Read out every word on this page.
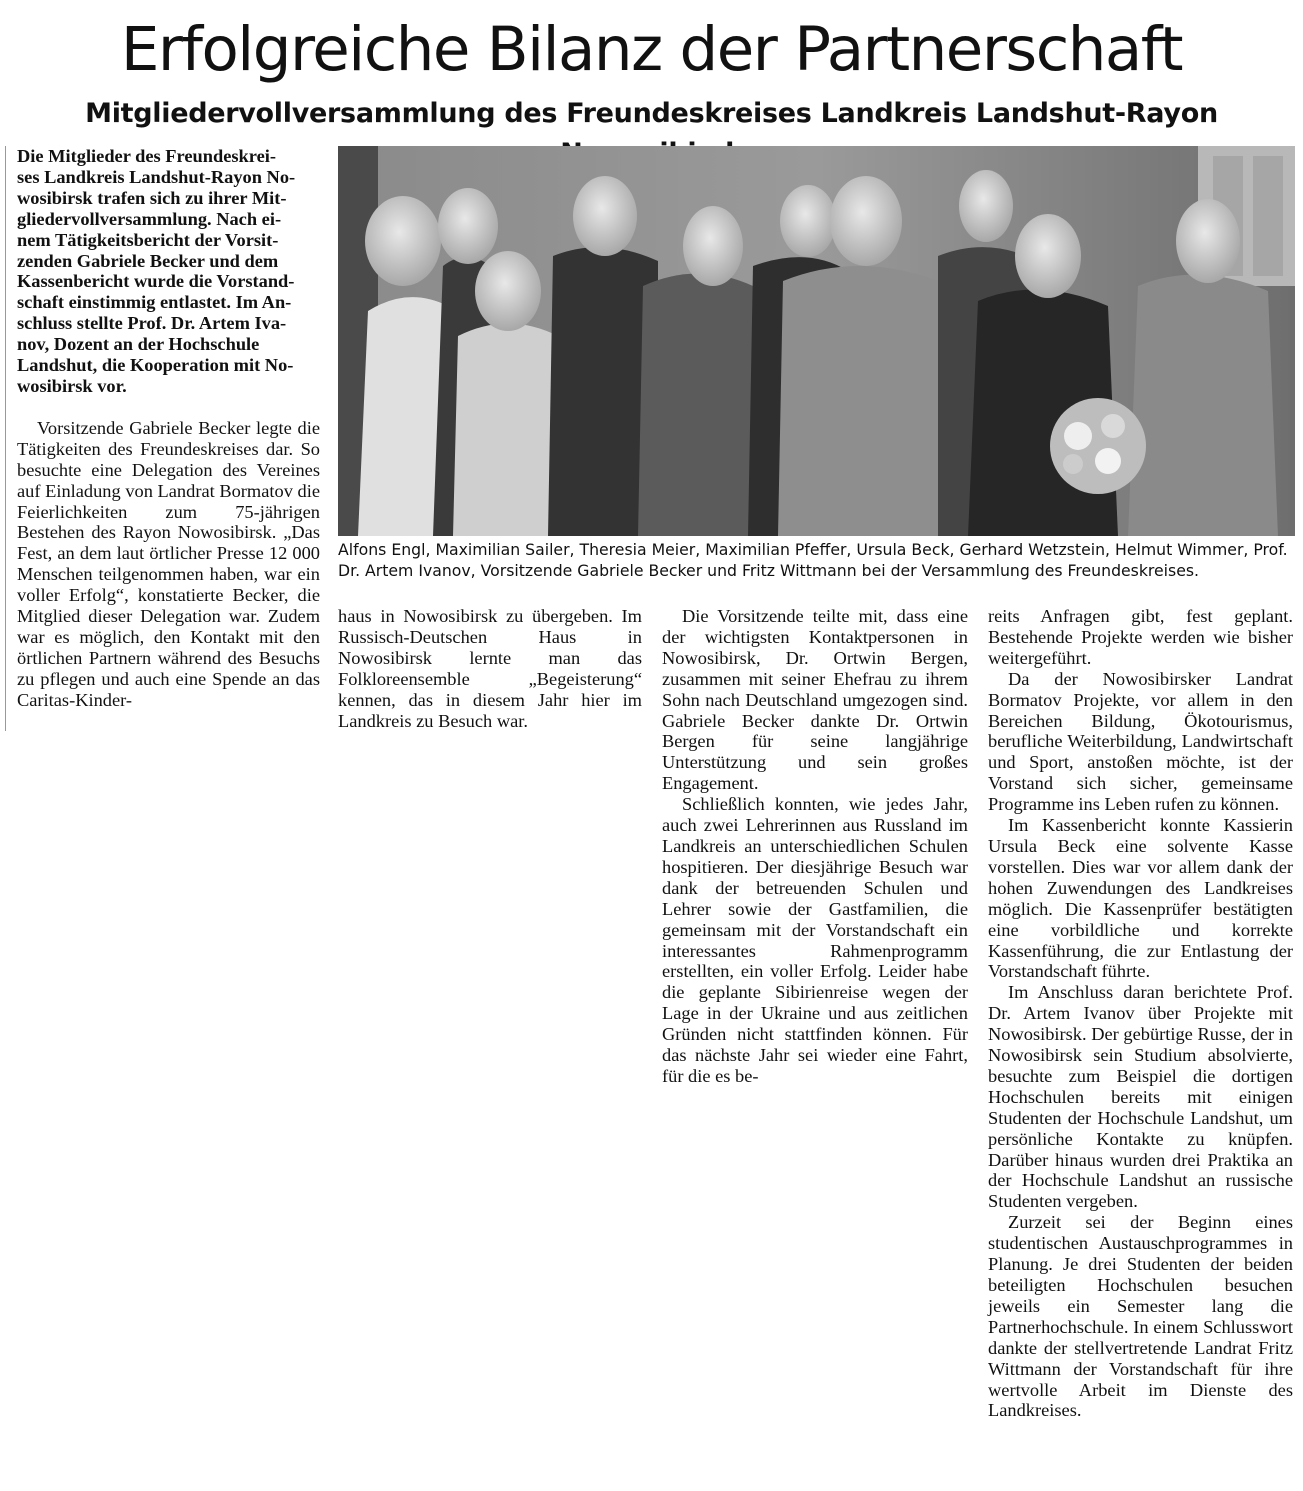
Erfolgreiche Bilanz der Partnerschaft
Mitgliedervollversammlung des Freundeskreises Landkreis Landshut-Rayon

Die Mitglieder des Freundeskrei-
ses Landkreis Landshut-Rayon No-
wosibirsk trafen sich zu ihrer Mit-
gliedervollversammlung. Nach ei-
nem Tätigkeitsbericht der Vorsit-
zenden Gabriele Becker und dem
Kassenbericht wurde die Vorstand-
schaft einstimmig entlastet. Im An-
schluss stellte Prof. Dr. Artem Iva-
nov, Dozent an der Hochschule
Landshut, die Kooperation mit No-
wosibirsk vor.

Vorsitzende Gabriele Becker legte die Tätigkeiten des Freundeskreises dar. So besuchte eine Delegation des Vereines auf Einladung von Landrat Bormatov die Feierlichkeiten zum 75-jährigen Bestehen des Rayon Nowosibirsk. „Das Fest, an dem laut örtlicher Presse 12 000 Menschen teilgenommen haben, war ein voller Erfolg“, konstatierte Becker, die Mitglied dieser Delegation war. Zudem war es möglich, den Kontakt mit den örtlichen Partnern während des Besuchs zu pflegen und auch eine Spende an das Caritas-Kinder-

Alfons Engl, Maximilian Sailer, Theresia Meier, Maximilian Pfeffer, Ursula Beck, Gerhard Wetzstein, Helmut Wimmer, Prof. Dr. Artem Ivanov, Vorsitzende Gabriele Becker und Fritz Wittmann bei der Versammlung des Freundeskreises.

haus in Nowosibirsk zu übergeben. Im Russisch-Deutschen Haus in Nowosibirsk lernte man das Folkloreensemble „Begeisterung“ kennen, das in diesem Jahr hier im Landkreis zu Besuch war.

Die Vorsitzende teilte mit, dass eine der wichtigsten Kontaktpersonen in Nowosibirsk, Dr. Ortwin Bergen, zusammen mit seiner Ehefrau zu ihrem Sohn nach Deutschland umgezogen sind. Gabriele Becker dankte Dr. Ortwin Bergen für seine langjährige Unterstützung und sein großes Engagement.

Schließlich konnten, wie jedes Jahr, auch zwei Lehrerinnen aus Russland im Landkreis an unterschiedlichen Schulen hospitieren. Der diesjährige Besuch war dank der betreuenden Schulen und Lehrer sowie der Gastfamilien, die gemeinsam mit der Vorstandschaft ein interessantes Rahmenprogramm erstellten, ein voller Erfolg. Leider habe die geplante Sibirienreise wegen der Lage in der Ukraine und aus zeitlichen Gründen nicht stattfinden können. Für das nächste Jahr sei wieder eine Fahrt, für die es be-

reits Anfragen gibt, fest geplant. Bestehende Projekte werden wie bisher weitergeführt.

Da der Nowosibirsker Landrat Bormatov Projekte, vor allem in den Bereichen Bildung, Ökotourismus, berufliche Weiterbildung, Landwirtschaft und Sport, anstoßen möchte, ist der Vorstand sich sicher, gemeinsame Programme ins Leben rufen zu können.

Im Kassenbericht konnte Kassierin Ursula Beck eine solvente Kasse vorstellen. Dies war vor allem dank der hohen Zuwendungen des Landkreises möglich. Die Kassenprüfer bestätigten eine vorbildliche und korrekte Kassenführung, die zur Entlastung der Vorstandschaft führte.

Im Anschluss daran berichtete Prof. Dr. Artem Ivanov über Projekte mit Nowosibirsk. Der gebürtige Russe, der in Nowosibirsk sein Studium absolvierte, besuchte zum Beispiel die dortigen Hochschulen bereits mit einigen Studenten der Hochschule Landshut, um persönliche Kontakte zu knüpfen. Darüber hinaus wurden drei Praktika an der Hochschule Landshut an russische Studenten vergeben.

Zurzeit sei der Beginn eines studentischen Austauschprogrammes in Planung. Je drei Studenten der beiden beteiligten Hochschulen besuchen jeweils ein Semester lang die Partnerhochschule. In einem Schlusswort dankte der stellvertretende Landrat Fritz Wittmann der Vorstandschaft für ihre wertvolle Arbeit im Dienste des Landkreises.
